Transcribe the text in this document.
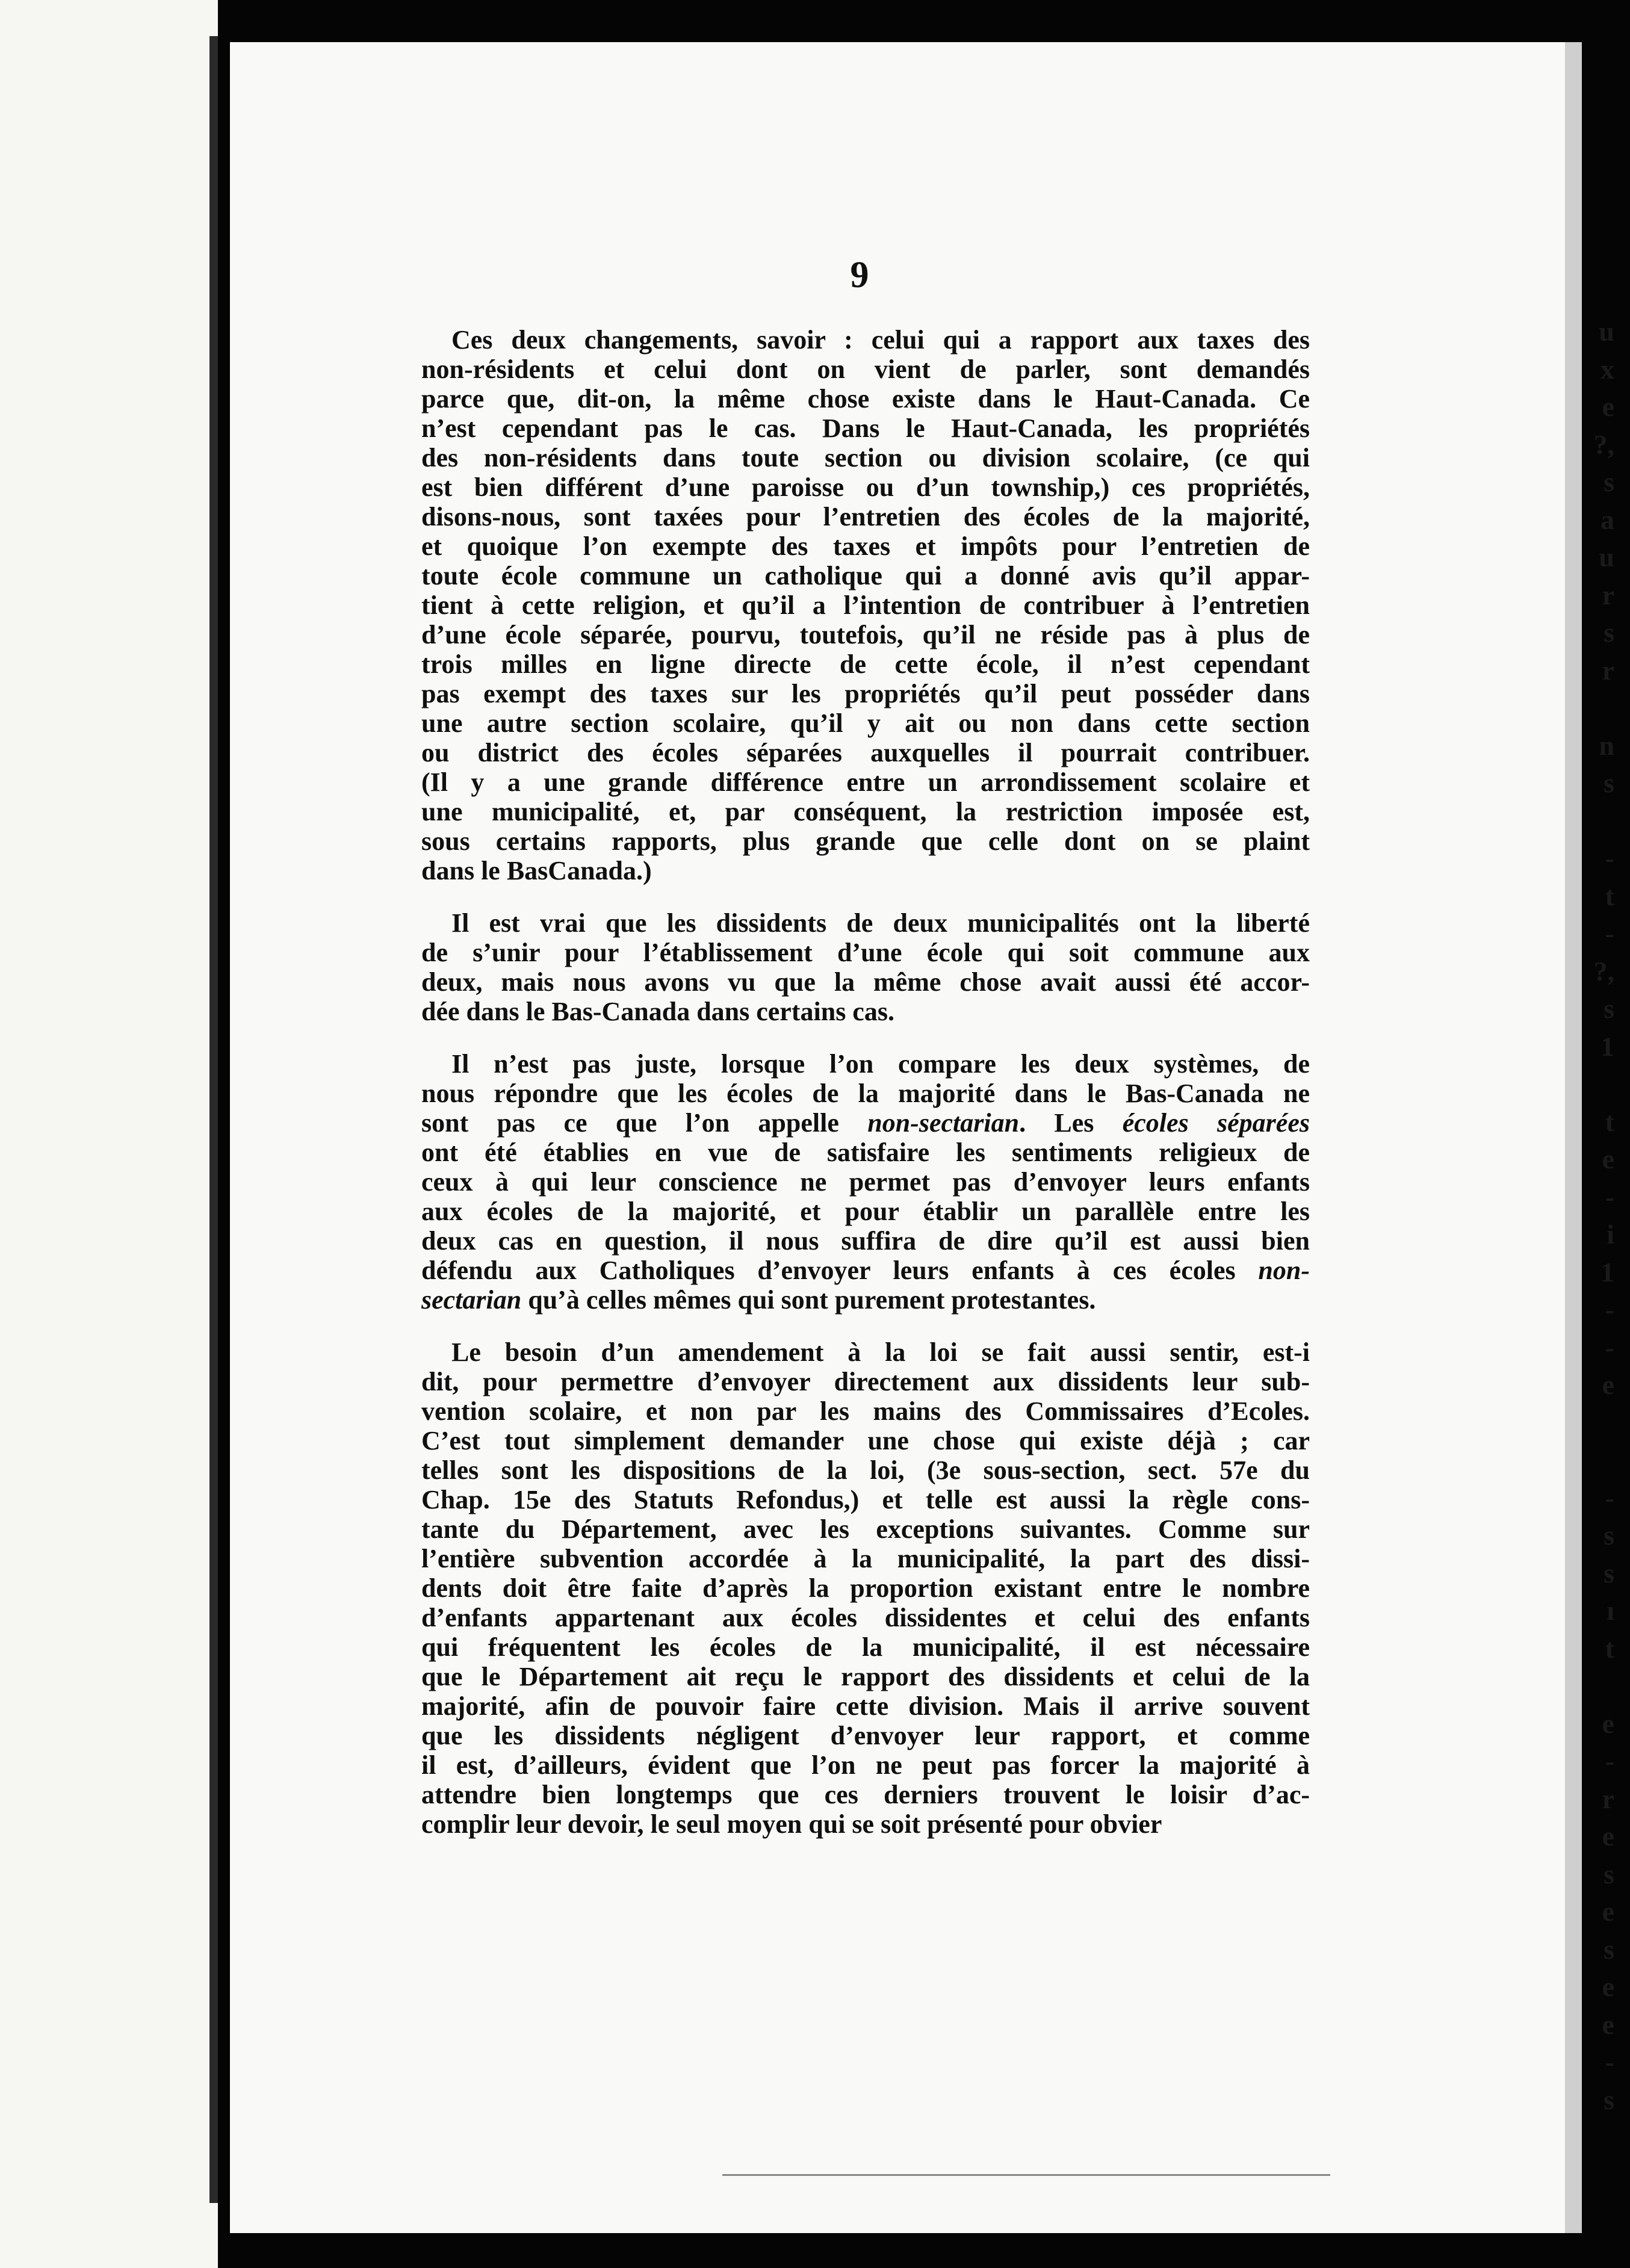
u
x
e
?,
s
a
u
r
s
r
n
s
-
t
-
?,
s
1
t
e
-
i
1
-
-
e
-
s
s
ı
t
e
-
r
e
s
e
s
e
e
-
s
9
Ces deux changements, savoir : celui qui a rapport aux taxes des
non-résidents et celui dont on vient de parler, sont demandés
parce que, dit-on, la même chose existe dans le Haut-Canada. Ce
n’est cependant pas le cas. Dans le Haut-Canada, les propriétés
des non-résidents dans toute section ou division scolaire, (ce qui
est bien différent d’une paroisse ou d’un township,) ces propriétés,
disons-nous, sont taxées pour l’entretien des écoles de la majorité,
et quoique l’on exempte des taxes et impôts pour l’entretien de
toute école commune un catholique qui a donné avis qu’il appar-
tient à cette religion, et qu’il a l’intention de contribuer à l’entretien
d’une école séparée, pourvu, toutefois, qu’il ne réside pas à plus de
trois milles en ligne directe de cette école, il n’est cependant
pas exempt des taxes sur les propriétés qu’il peut posséder dans
une autre section scolaire, qu’il y ait ou non dans cette section
ou district des écoles séparées auxquelles il pourrait contribuer.
(Il y a une grande différence entre un arrondissement scolaire et
une municipalité, et, par conséquent, la restriction imposée est,
sous certains rapports, plus grande que celle dont on se plaint
dans le BasCanada.)
Il est vrai que les dissidents de deux municipalités ont la liberté
de s’unir pour l’établissement d’une école qui soit commune aux
deux, mais nous avons vu que la même chose avait aussi été accor-
dée dans le Bas-Canada dans certains cas.
Il n’est pas juste, lorsque l’on compare les deux systèmes, de
nous répondre que les écoles de la majorité dans le Bas-Canada ne
sont pas ce que l’on appelle non-sectarian. Les écoles séparées
ont été établies en vue de satisfaire les sentiments religieux de
ceux à qui leur conscience ne permet pas d’envoyer leurs enfants
aux écoles de la majorité, et pour établir un parallèle entre les
deux cas en question, il nous suffira de dire qu’il est aussi bien
défendu aux Catholiques d’envoyer leurs enfants à ces écoles non-
sectarian qu’à celles mêmes qui sont purement protestantes.
Le besoin d’un amendement à la loi se fait aussi sentir, est-i
dit, pour permettre d’envoyer directement aux dissidents leur sub-
vention scolaire, et non par les mains des Commissaires d’Ecoles.
C’est tout simplement demander une chose qui existe déjà ; car
telles sont les dispositions de la loi, (3e sous-section, sect. 57e du
Chap. 15e des Statuts Refondus,) et telle est aussi la règle cons-
tante du Département, avec les exceptions suivantes. Comme sur
l’entière subvention accordée à la municipalité, la part des dissi-
dents doit être faite d’après la proportion existant entre le nombre
d’enfants appartenant aux écoles dissidentes et celui des enfants
qui fréquentent les écoles de la municipalité, il est nécessaire
que le Département ait reçu le rapport des dissidents et celui de la
majorité, afin de pouvoir faire cette division. Mais il arrive souvent
que les dissidents négligent d’envoyer leur rapport, et comme
il est, d’ailleurs, évident que l’on ne peut pas forcer la majorité à
attendre bien longtemps que ces derniers trouvent le loisir d’ac-
complir leur devoir, le seul moyen qui se soit présenté pour obvier
